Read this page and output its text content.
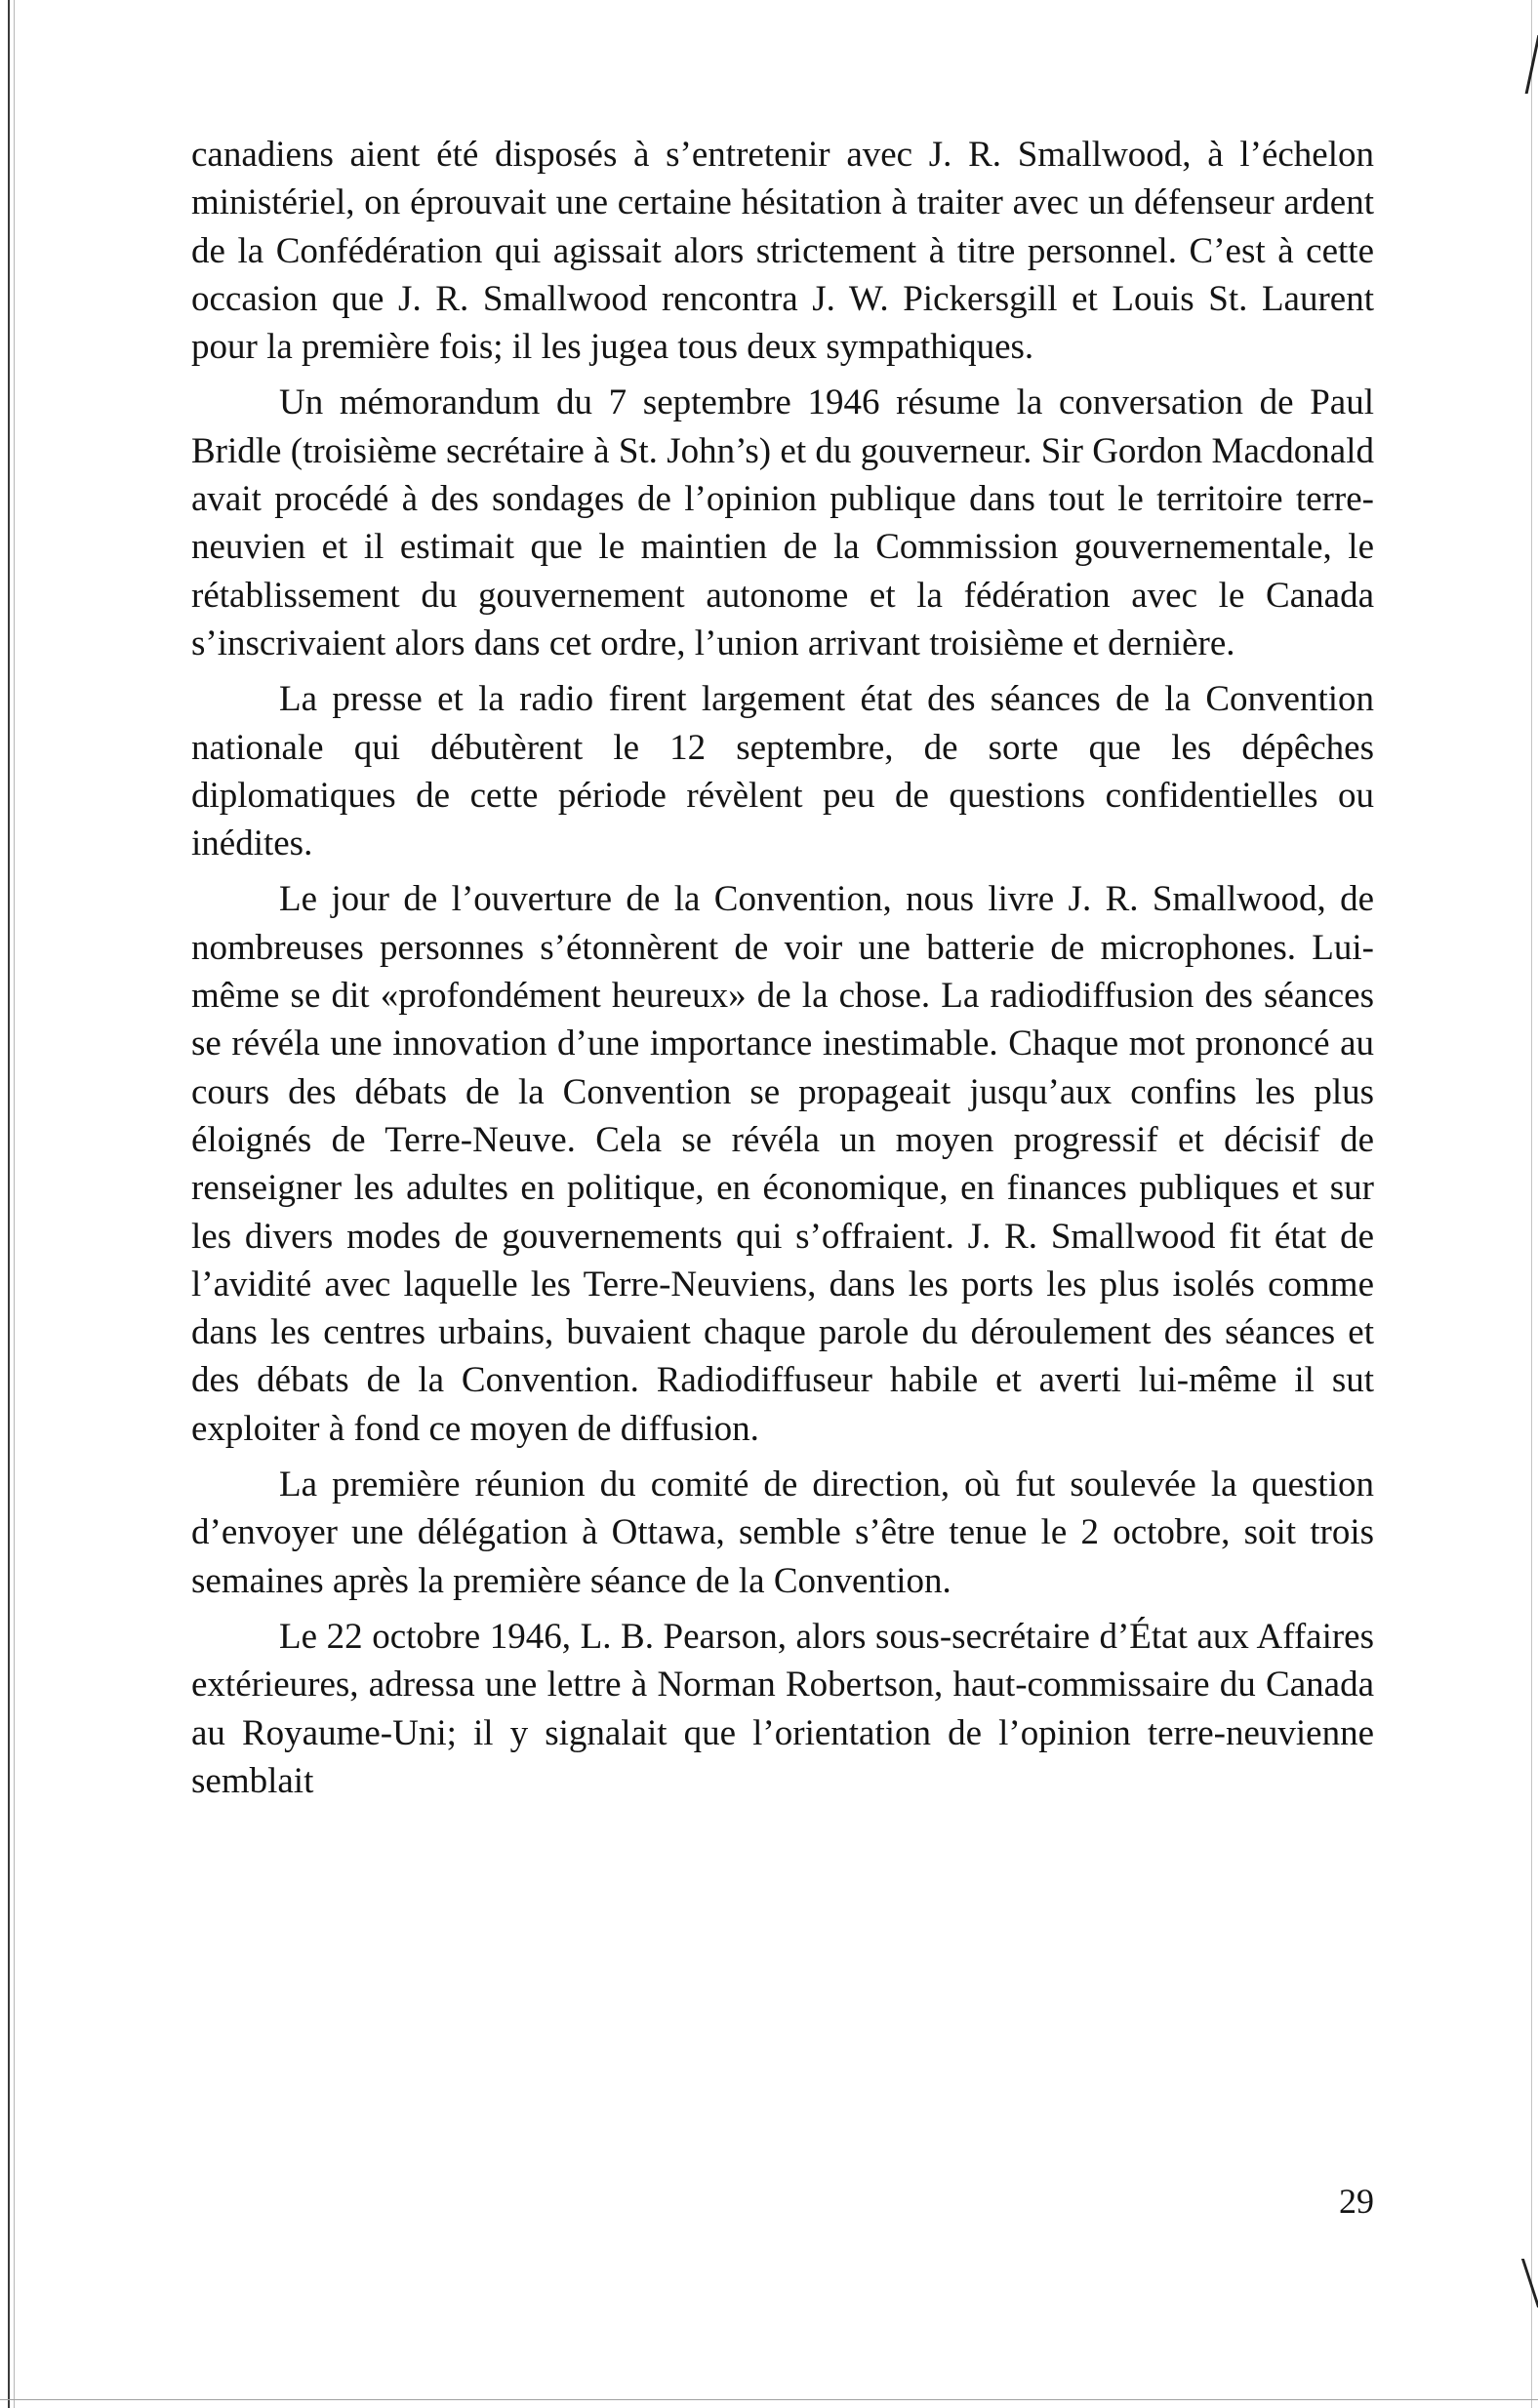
canadiens aient été disposés à s’entretenir avec J. R. Smallwood, à l’échelon ministériel, on éprouvait une certaine hésitation à traiter avec un défenseur ardent de la Confédération qui agissait alors strictement à titre personnel. C’est à cette occasion que J. R. Smallwood rencontra J. W. Pickersgill et Louis St. Laurent pour la première fois; il les jugea tous deux sympathiques.

Un mémorandum du 7 septembre 1946 résume la conversation de Paul Bridle (troisième secrétaire à St. John’s) et du gouverneur. Sir Gordon Macdonald avait procédé à des sondages de l’opinion publique dans tout le territoire terre-neuvien et il estimait que le maintien de la Commission gouvernementale, le rétablissement du gouvernement autonome et la fédération avec le Canada s’inscrivaient alors dans cet ordre, l’union arrivant troisième et dernière.

La presse et la radio firent largement état des séances de la Convention nationale qui débutèrent le 12 septembre, de sorte que les dépêches diplomatiques de cette période révèlent peu de questions confidentielles ou inédites.

Le jour de l’ouverture de la Convention, nous livre J. R. Smallwood, de nombreuses personnes s’étonnèrent de voir une batterie de microphones. Lui-même se dit «profondément heureux» de la chose. La radiodiffusion des séances se révéla une innovation d’une importance inestimable. Chaque mot prononcé au cours des débats de la Convention se propageait jusqu’aux confins les plus éloignés de Terre-Neuve. Cela se révéla un moyen progressif et décisif de renseigner les adultes en politique, en économique, en finances publiques et sur les divers modes de gouvernements qui s’offraient. J. R. Smallwood fit état de l’avidité avec laquelle les Terre-Neuviens, dans les ports les plus isolés comme dans les centres urbains, buvaient chaque parole du déroulement des séances et des débats de la Convention. Radiodiffuseur habile et averti lui-même il sut exploiter à fond ce moyen de diffusion.

La première réunion du comité de direction, où fut soulevée la question d’envoyer une délégation à Ottawa, semble s’être tenue le 2 octobre, soit trois semaines après la première séance de la Convention.

Le 22 octobre 1946, L. B. Pearson, alors sous-secrétaire d’État aux Affaires extérieures, adressa une lettre à Norman Robertson, haut-commissaire du Canada au Royaume-Uni; il y signalait que l’orientation de l’opinion terre-neuvienne semblait

29
